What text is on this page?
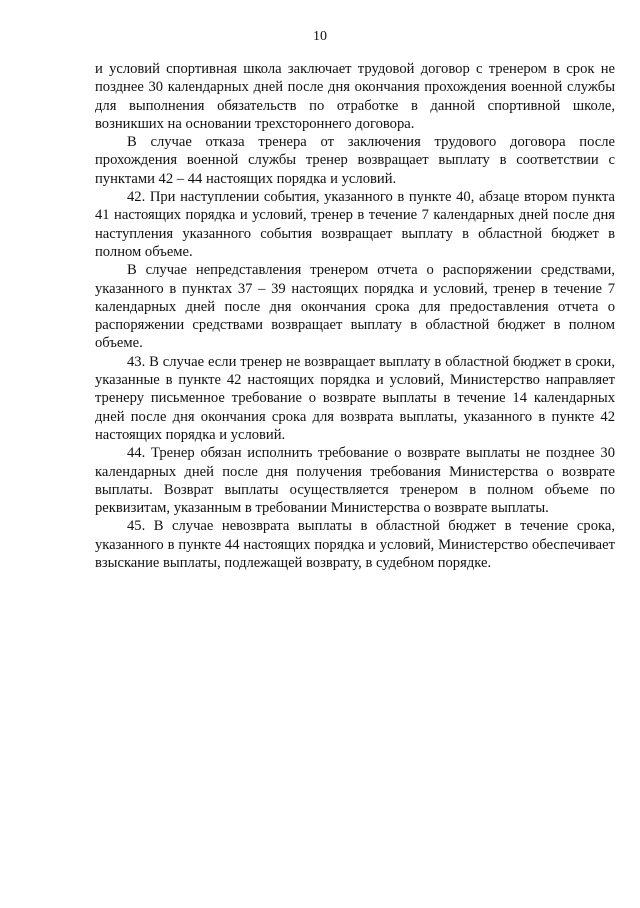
10

и условий спортивная школа заключает трудовой договор с тренером в срок не позднее 30 календарных дней после дня окончания прохождения военной службы для выполнения обязательств по отработке в данной спортивной школе, возникших на основании трехстороннего договора.

В случае отказа тренера от заключения трудового договора после прохождения военной службы тренер возвращает выплату в соответствии с пунктами 42 – 44 настоящих порядка и условий.

42. При наступлении события, указанного в пункте 40, абзаце втором пункта 41 настоящих порядка и условий, тренер в течение 7 календарных дней после дня наступления указанного события возвращает выплату в областной бюджет в полном объеме.

В случае непредставления тренером отчета о распоряжении средствами, указанного в пунктах 37 – 39 настоящих порядка и условий, тренер в течение 7 календарных дней после дня окончания срока для предоставления отчета о распоряжении средствами возвращает выплату в областной бюджет в полном объеме.

43. В случае если тренер не возвращает выплату в областной бюджет в сроки, указанные в пункте 42 настоящих порядка и условий, Министерство направляет тренеру письменное требование о возврате выплаты в течение 14 календарных дней после дня окончания срока для возврата выплаты, указанного в пункте 42 настоящих порядка и условий.

44. Тренер обязан исполнить требование о возврате выплаты не позднее 30 календарных дней после дня получения требования Министерства о возврате выплаты. Возврат выплаты осуществляется тренером в полном объеме по реквизитам, указанным в требовании Министерства о возврате выплаты.

45. В случае невозврата выплаты в областной бюджет в течение срока, указанного в пункте 44 настоящих порядка и условий, Министерство обеспечивает взыскание выплаты, подлежащей возврату, в судебном порядке.
